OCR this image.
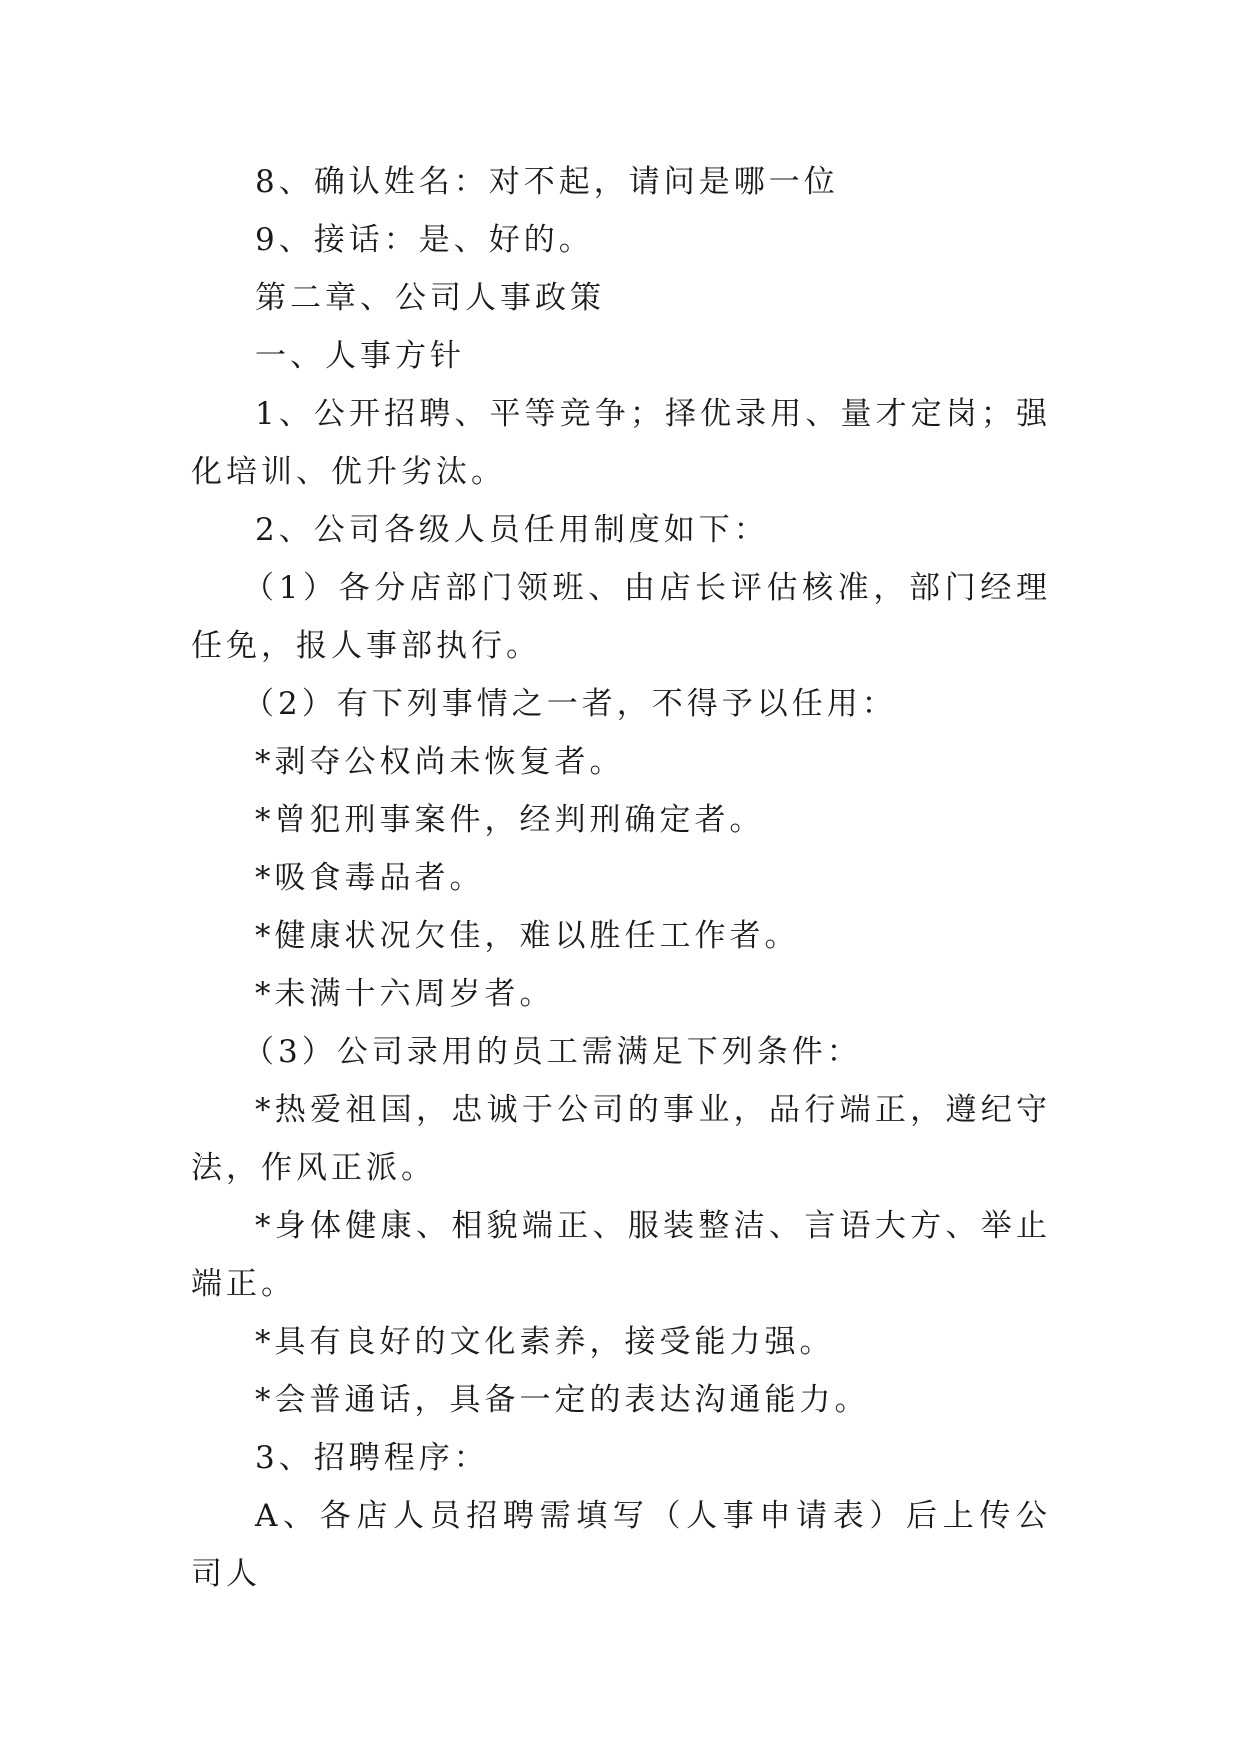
8、确认姓名：对不起，请问是哪一位

9、接话：是、好的。

第二章、公司人事政策

一、人事方针

1、公开招聘、平等竞争；择优录用、量才定岗；强化培训、优升劣汰。

2、公司各级人员任用制度如下：

（1）各分店部门领班、由店长评估核准，部门经理任免，报人事部执行。

（2）有下列事情之一者，不得予以任用：

*剥夺公权尚未恢复者。

*曾犯刑事案件，经判刑确定者。

*吸食毒品者。

*健康状况欠佳，难以胜任工作者。

*未满十六周岁者。

（3）公司录用的员工需满足下列条件：

*热爱祖国，忠诚于公司的事业，品行端正，遵纪守法，作风正派。

*身体健康、相貌端正、服装整洁、言语大方、举止端正。

*具有良好的文化素养，接受能力强。

*会普通话，具备一定的表达沟通能力。

3、招聘程序：

A、各店人员招聘需填写（人事申请表）后上传公司人
